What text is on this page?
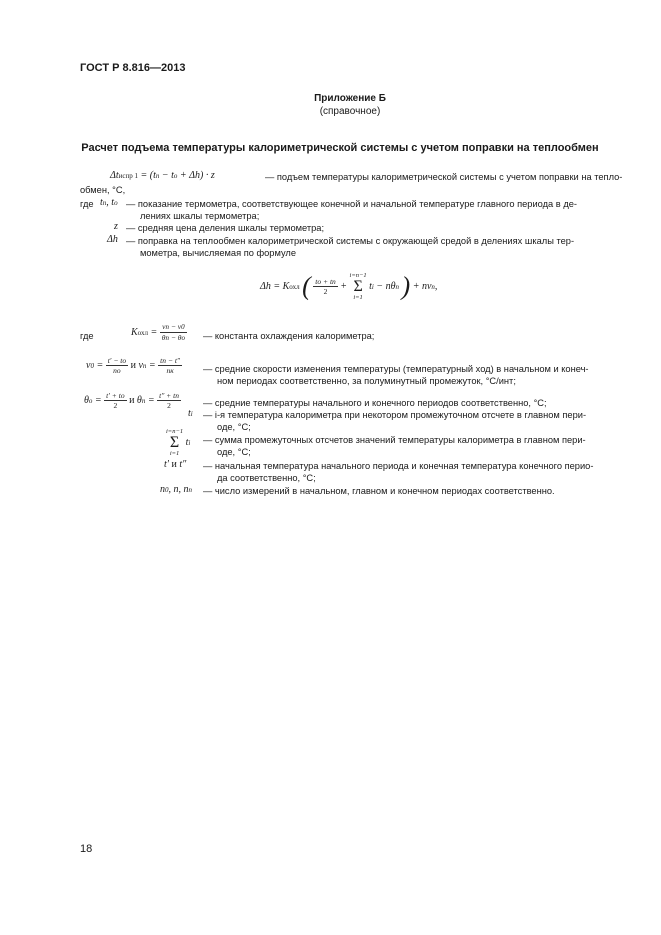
ГОСТ Р 8.816—2013
Приложение Б
(справочное)
Расчет подъема температуры калориметрической системы с учетом поправки на теплообмен
Δtиспр 1 = (tп − tо + Δh) · z	— подъем температуры калориметрической системы с учетом поправки на тепло-
обмен, °С,
где tп, tо — показание термометра, соответствующее конечной и начальной температуре главного периода в де-
лениях шкалы термометра;
z — средняя цена деления шкалы термометра;
Δh — поправка на теплообмен калориметрической системы с окружающей средой в делениях шкалы тер-
мометра, вычисляемая по формуле
Δh = Kохл ( $\frac{tо + tп}{2}$ +
i=n−1
Σ
i=1
ti − nθп ) + nνп,
где	Kохл = $\frac{\nu п - \nu 0}{\theta п - \theta о}$ — константа охлаждения калориметра;
$\nu 0 = \frac{t' - tо}{nо}$ и $\nu п = \frac{tп - t''}{nк}$ — средние скорости изменения температуры (температурный ход) в начальном и конеч-
ном периодах соответственно, за полуминутный промежуток, °С/инт;
$\theta о = \frac{t' + tо}{2}$ и $\theta п = \frac{t'' + tп}{2}$ — средние температуры начального и конечного периодов соответственно, °С;
ti — i-я температура калориметра при некотором промежуточном отсчете в главном пери-
оде, °С;
i=n−1
Σ
i=1
ti — сумма промежуточных отсчетов значений температуры калориметра в главном пери-
оде, °С;
t′ и t″ — начальная температура начального периода и конечная температура конечного перио-
да соответственно, °С;
n0, n, nп — число измерений в начальном, главном и конечном периодах соответственно.
18
